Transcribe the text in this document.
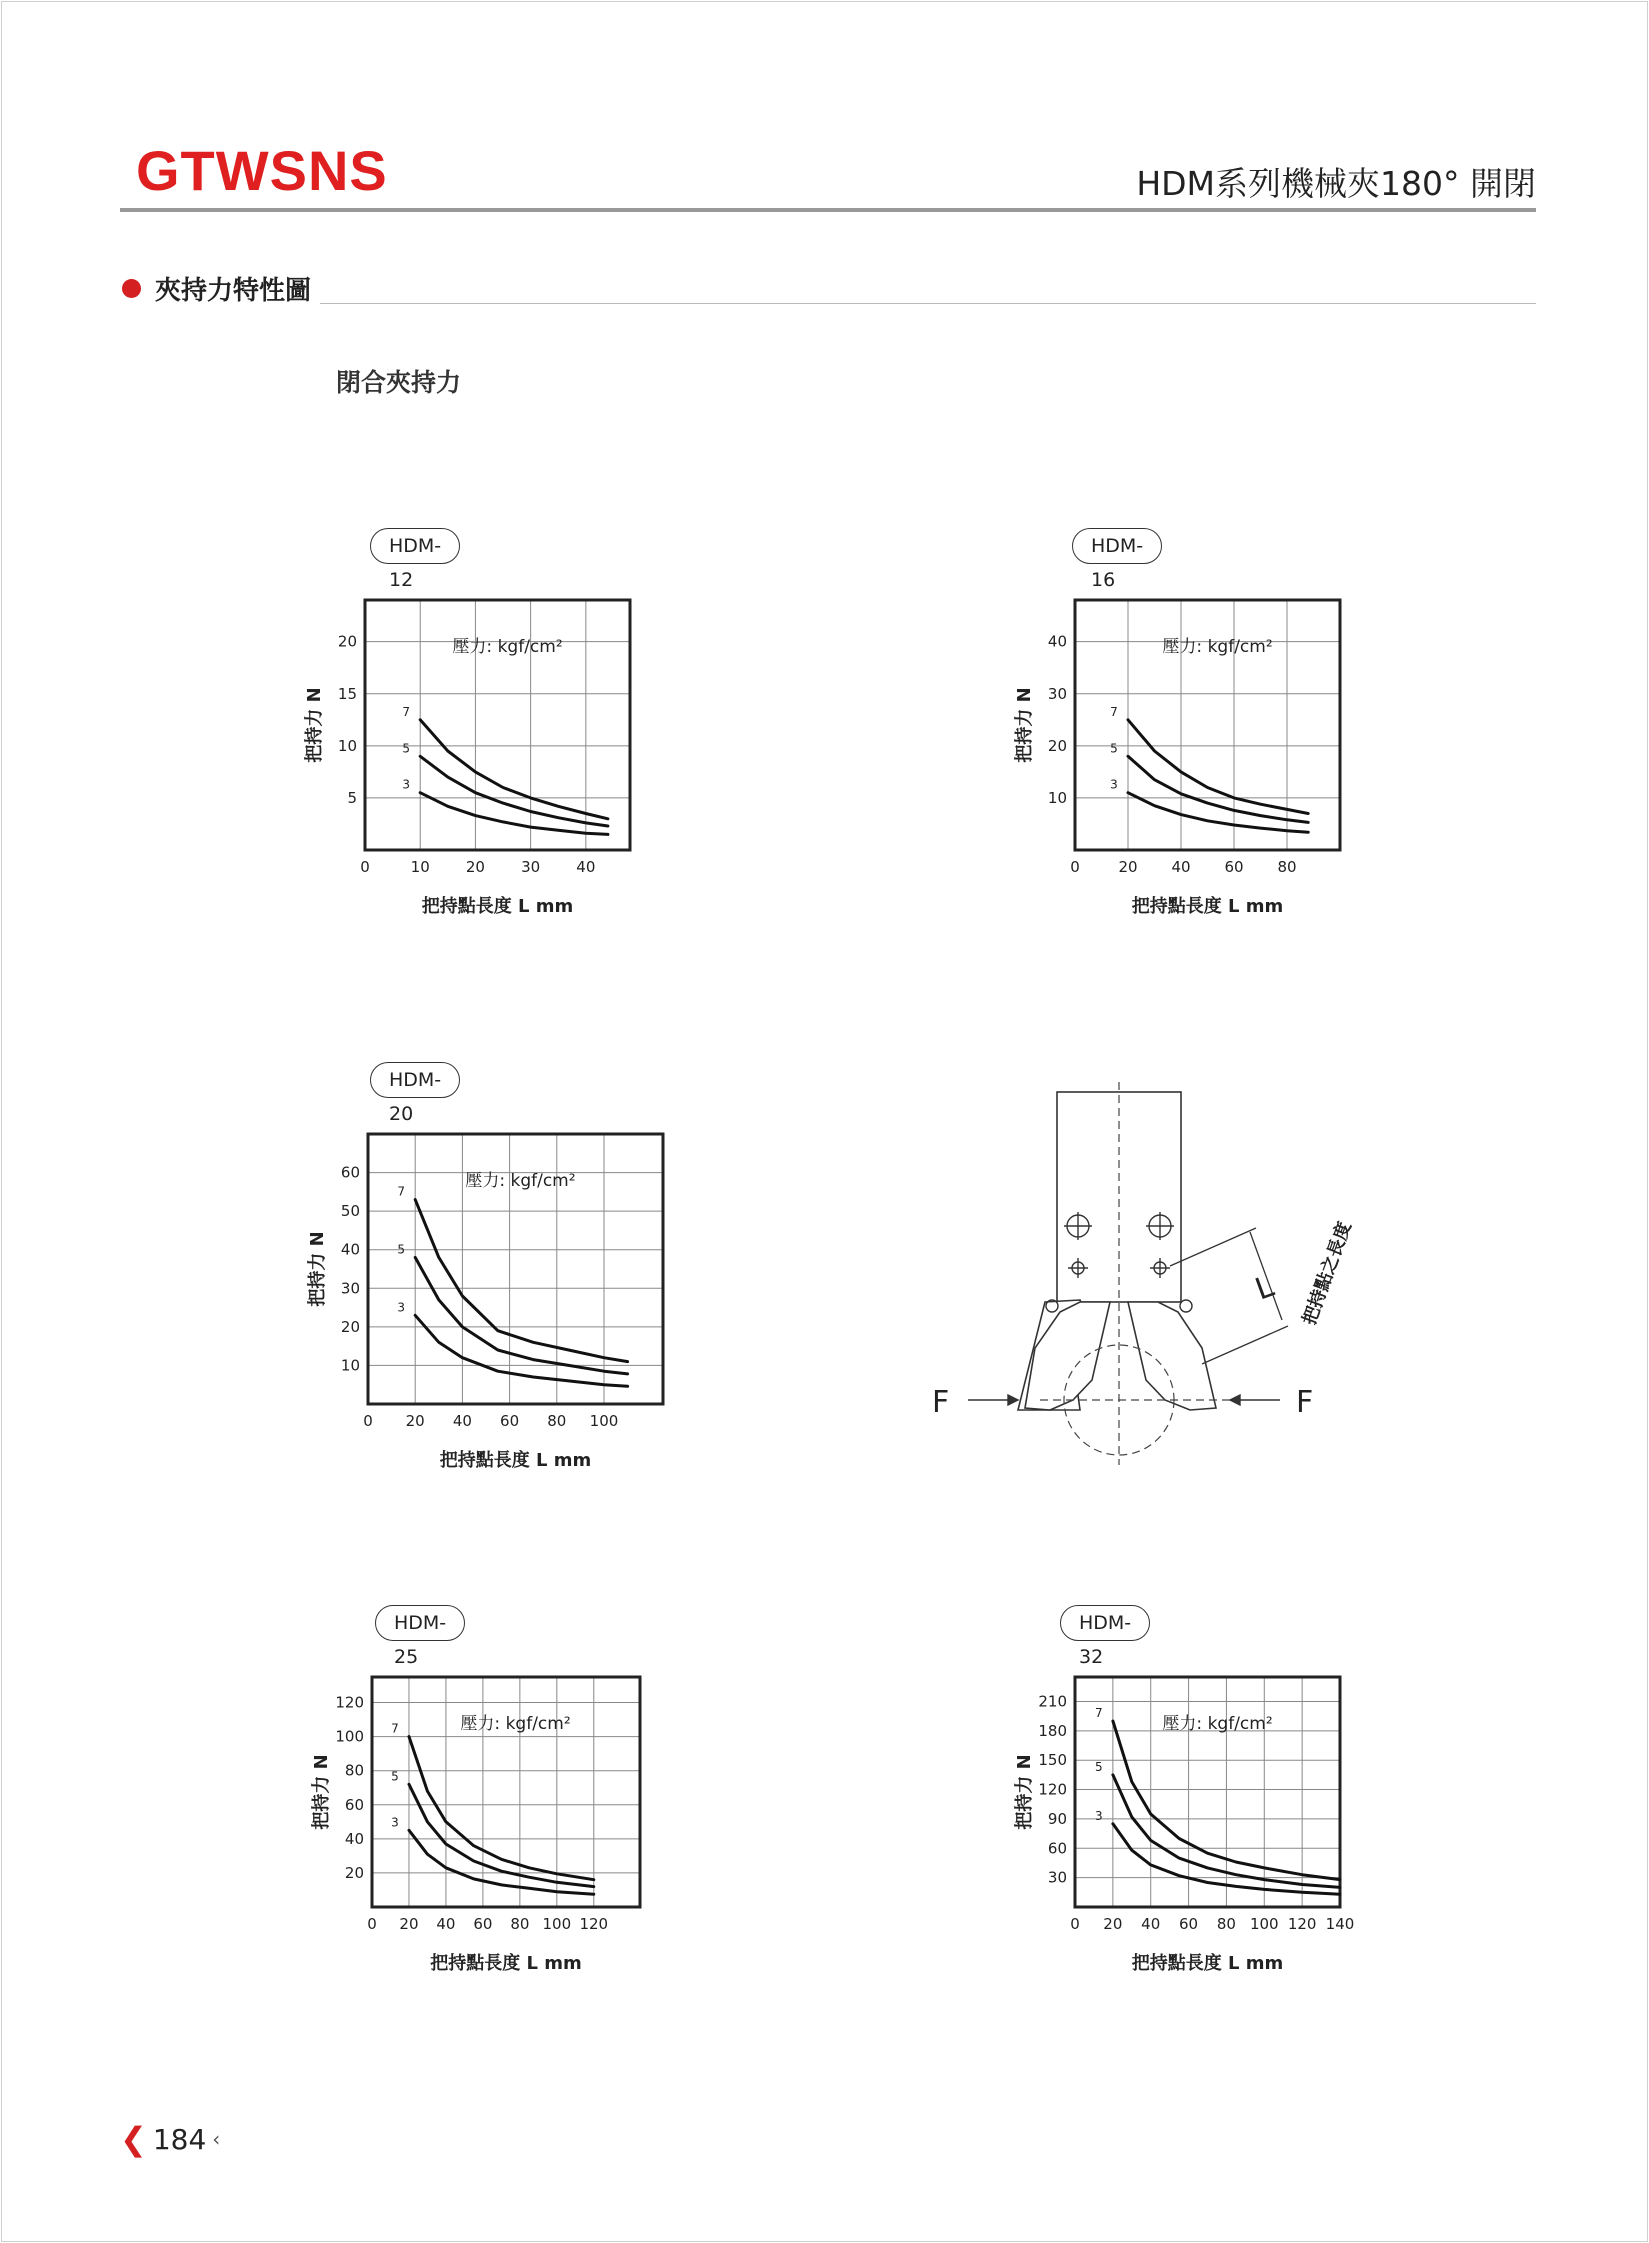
GTWSNS	HDM系列機械夾180° 開閉
夾持力特性圖
閉合夾持力
HDM-12
0	10 20 30 40
5
10
15
20	壓力: kgf/cm²
把持點長度 L mm
把持力 N	7
5
3
HDM-16
0	20 40 60 80
10
20
30
40	壓力: kgf/cm²
把持點長度 L mm
把持力 N	7
5
3
HDM-20
0 20 40 60 80 100
10
20
30
40
50
60	壓力: kgf/cm²
把持點長度 L mm
把持力 N
7
5
3
HDM-25
0 20 40 60 80 100 120
20
40
60
80
100
120
壓力: kgf/cm²
把持點長度 L mm
把持力 N
7
5
3
HDM-32
0 20 40 60 80 100 120 140
30
60
90
120
150
180
210
壓力: kgf/cm²
把持點長度 L mm
把持力 N
7
5
3
L 把持點之長度
F	F
❮ 184 ‹
